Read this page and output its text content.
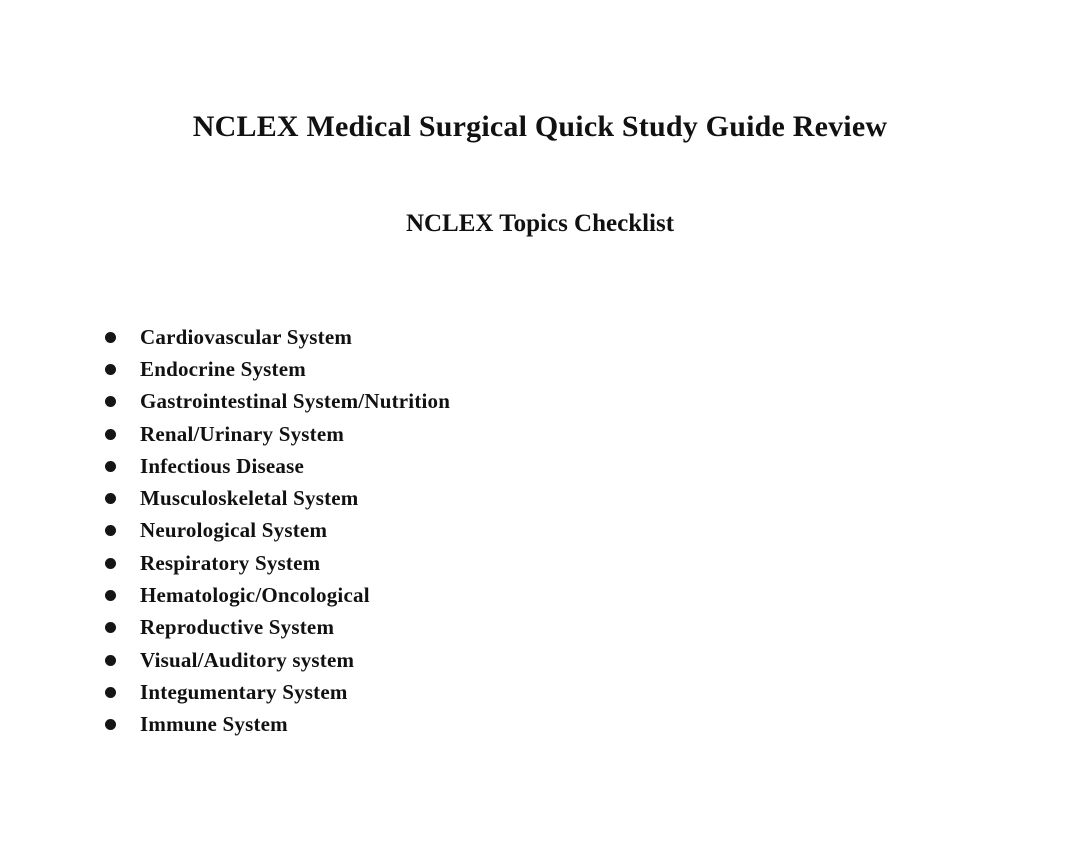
NCLEX Medical Surgical Quick Study Guide Review
NCLEX Topics Checklist
Cardiovascular System
Endocrine System
Gastrointestinal System/Nutrition
Renal/Urinary System
Infectious Disease
Musculoskeletal System
Neurological System
Respiratory System
Hematologic/Oncological
Reproductive System
Visual/Auditory system
Integumentary System
Immune System
